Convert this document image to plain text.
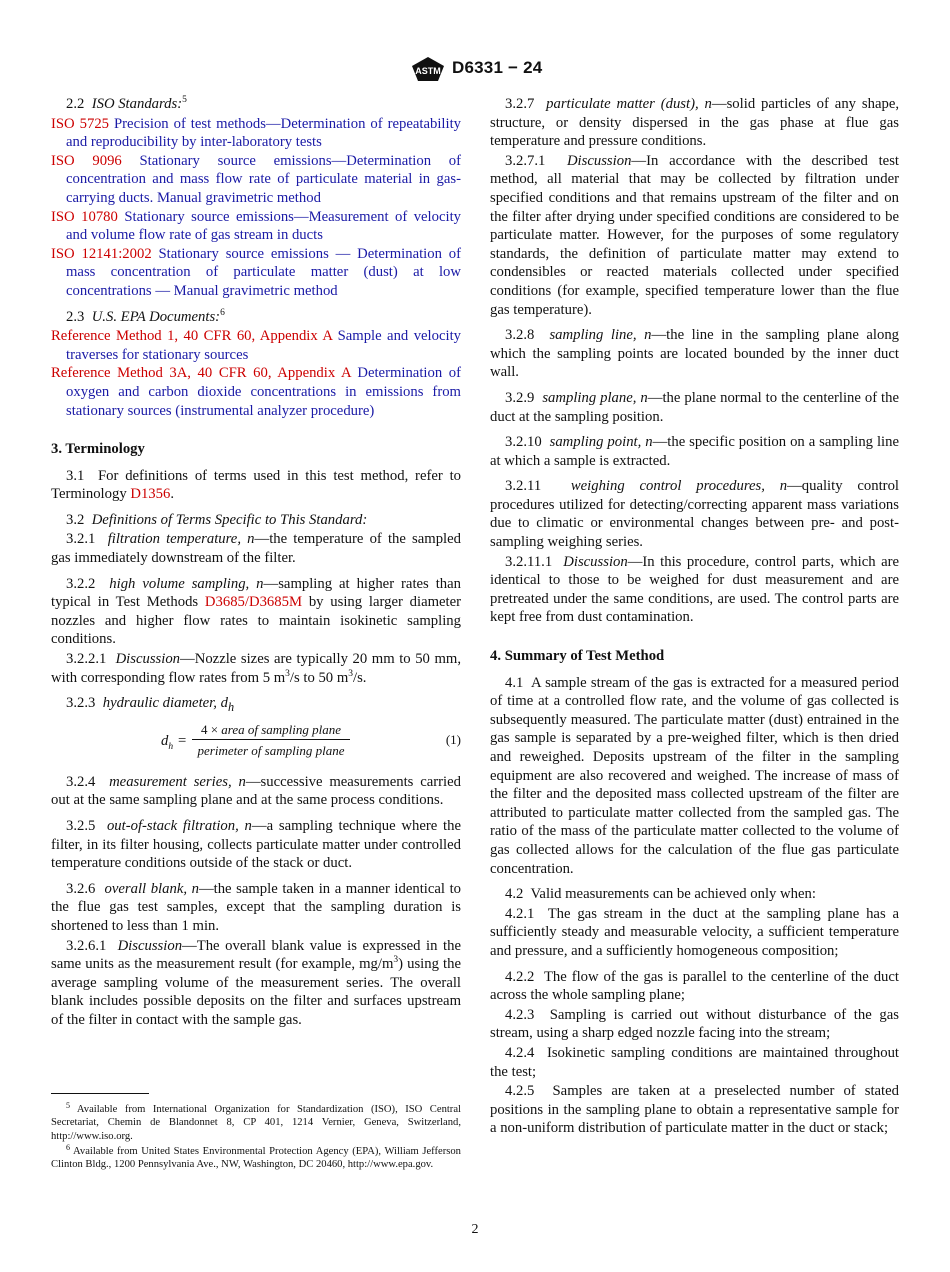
ASTM D6331 − 24

2.2 ISO Standards:$^5$

ISO 5725 Precision of test methods—Determination of repeatability and reproducibility by inter-laboratory tests

ISO 9096 Stationary source emissions—Determination of concentration and mass flow rate of particulate material in gas-carrying ducts. Manual gravimetric method

ISO 10780 Stationary source emissions—Measurement of velocity and volume flow rate of gas stream in ducts

ISO 12141:2002 Stationary source emissions — Determination of mass concentration of particulate matter (dust) at low concentrations — Manual gravimetric method

2.3 U.S. EPA Documents:$^6$

Reference Method 1, 40 CFR 60, Appendix A Sample and velocity traverses for stationary sources

Reference Method 3A, 40 CFR 60, Appendix A Determination of oxygen and carbon dioxide concentrations in emissions from stationary sources (instrumental analyzer procedure)

3. Terminology

3.1 For definitions of terms used in this test method, refer to Terminology D1356.

3.2 Definitions of Terms Specific to This Standard:

3.2.1 filtration temperature, n—the temperature of the sampled gas immediately downstream of the filter.

3.2.2 high volume sampling, n—sampling at higher rates than typical in Test Methods D3685/D3685M by using larger diameter nozzles and higher flow rates to maintain isokinetic sampling conditions.

3.2.2.1 Discussion—Nozzle sizes are typically 20 mm to 50 mm, with corresponding flow rates from 5 $m^3/s$ to 50 $m^3/s$.

3.2.3 hydraulic diameter, $d_h$

$d_h$ =
4 × area of sampling plane
perimeter of sampling plane
(1)

3.2.4 measurement series, n—successive measurements carried out at the same sampling plane and at the same process conditions.

3.2.5 out-of-stack filtration, n—a sampling technique where the filter, in its filter housing, collects particulate matter under controlled temperature conditions outside of the stack or duct.

3.2.6 overall blank, n—the sample taken in a manner identical to the flue gas test samples, except that the sampling duration is shortened to less than 1 min.

3.2.6.1 Discussion—The overall blank value is expressed in the same units as the measurement result (for example, $mg/m^3$) using the average sampling volume of the measurement series. The overall blank includes possible deposits on the filter and surfaces upstream of the filter in contact with the sample gas.

$^5$ Available from International Organization for Standardization (ISO), ISO Central Secretariat, Chemin de Blandonnet 8, CP 401, 1214 Vernier, Geneva, Switzerland, http://www.iso.org.

$^6$ Available from United States Environmental Protection Agency (EPA), William Jefferson Clinton Bldg., 1200 Pennsylvania Ave., NW, Washington, DC 20460, http://www.epa.gov.

3.2.7 particulate matter (dust), n—solid particles of any shape, structure, or density dispersed in the gas phase at flue gas temperature and pressure conditions.

3.2.7.1 Discussion—In accordance with the described test method, all material that may be collected by filtration under specified conditions and that remains upstream of the filter and on the filter after drying under specified conditions are considered to be particulate matter. However, for the purposes of some regulatory standards, the definition of particulate matter may extend to condensibles or reacted materials collected under specified conditions (for example, specified temperature lower than the flue gas temperature).

3.2.8 sampling line, n—the line in the sampling plane along which the sampling points are located bounded by the inner duct wall.

3.2.9 sampling plane, n—the plane normal to the centerline of the duct at the sampling position.

3.2.10 sampling point, n—the specific position on a sampling line at which a sample is extracted.

3.2.11 weighing control procedures, n—quality control procedures utilized for detecting/correcting apparent mass variations due to climatic or environmental changes between pre- and post-sampling weighing series.

3.2.11.1 Discussion—In this procedure, control parts, which are identical to those to be weighed for dust measurement and are pretreated under the same conditions, are used. The control parts are kept free from dust contamination.

4. Summary of Test Method

4.1 A sample stream of the gas is extracted for a measured period of time at a controlled flow rate, and the volume of gas collected is subsequently measured. The particulate matter (dust) entrained in the gas sample is separated by a pre-weighed filter, which is then dried and reweighed. Deposits upstream of the filter in the sampling equipment are also recovered and weighed. The increase of mass of the filter and the deposited mass collected upstream of the filter are attributed to particulate matter collected from the sampled gas. The ratio of the mass of the particulate matter collected to the volume of gas collected allows for the calculation of the flue gas particulate concentration.

4.2 Valid measurements can be achieved only when:

4.2.1 The gas stream in the duct at the sampling plane has a sufficiently steady and measurable velocity, a sufficient temperature and pressure, and a sufficiently homogeneous composition;

4.2.2 The flow of the gas is parallel to the centerline of the duct across the whole sampling plane;

4.2.3 Sampling is carried out without disturbance of the gas stream, using a sharp edged nozzle facing into the stream;

4.2.4 Isokinetic sampling conditions are maintained throughout the test;

4.2.5 Samples are taken at a preselected number of stated positions in the sampling plane to obtain a representative sample for a non-uniform distribution of particulate matter in the duct or stack;

2
